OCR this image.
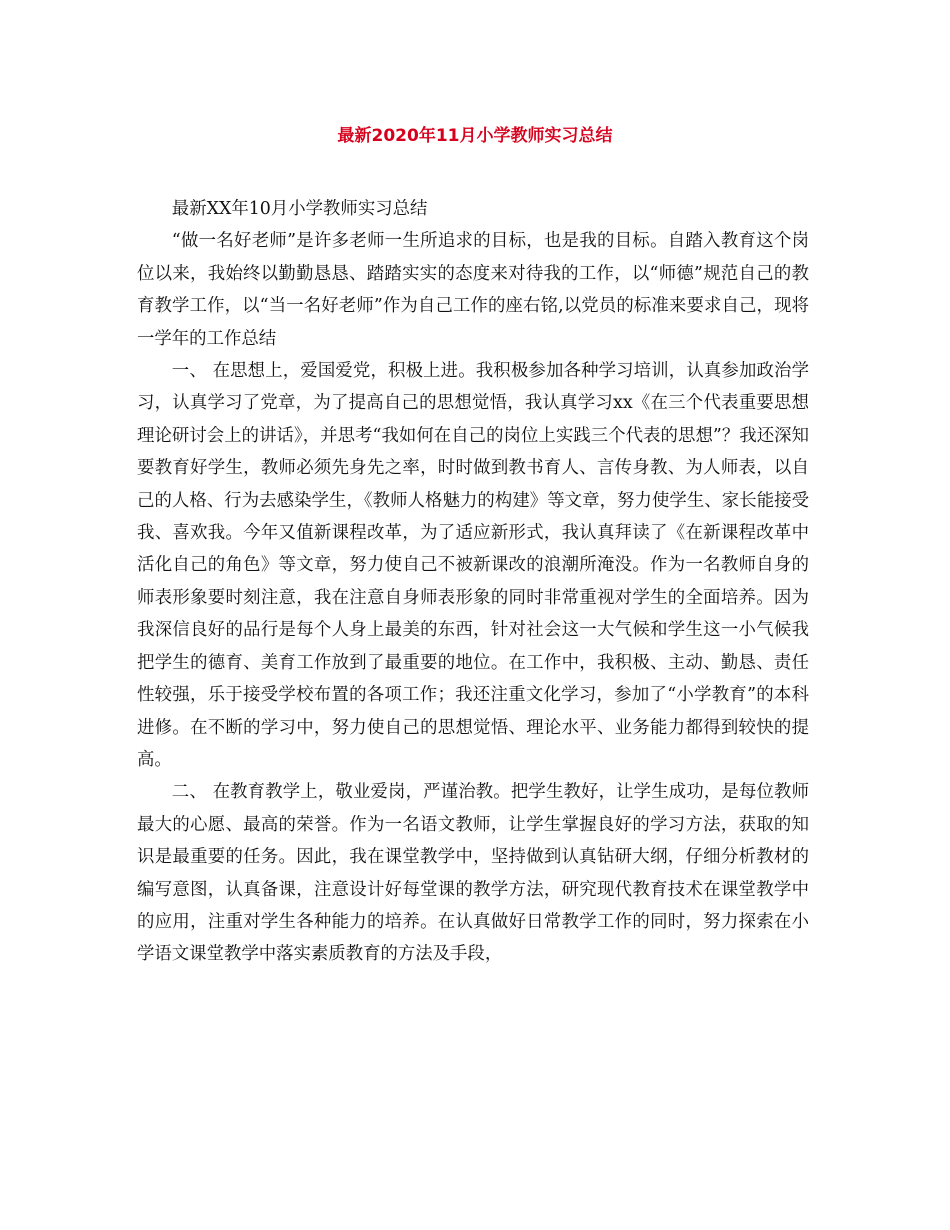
最新2020年11月小学教师实习总结

最新XX年10月小学教师实习总结

“做一名好老师”是许多老师一生所追求的目标，也是我的目标。自踏入教育这个岗位以来，我始终以勤勤恳恳、踏踏实实的态度来对待我的工作，以“师德”规范自己的教育教学工作，以“当一名好老师”作为自己工作的座右铭,以党员的标准来要求自己，现将一学年的工作总结

一、 在思想上，爱国爱党，积极上进。我积极参加各种学习培训，认真参加政治学习，认真学习了党章，为了提高自己的思想觉悟，我认真学习xx《在三个代表重要思想理论研讨会上的讲话》，并思考“我如何在自己的岗位上实践三个代表的思想”？我还深知要教育好学生，教师必须先身先之率，时时做到教书育人、言传身教、为人师表，以自己的人格、行为去感染学生，《教师人格魅力的构建》等文章，努力使学生、家长能接受我、喜欢我。今年又值新课程改革，为了适应新形式，我认真拜读了《在新课程改革中活化自己的角色》等文章，努力使自己不被新课改的浪潮所淹没。作为一名教师自身的师表形象要时刻注意，我在注意自身师表形象的同时非常重视对学生的全面培养。因为我深信良好的品行是每个人身上最美的东西，针对社会这一大气候和学生这一小气候我把学生的德育、美育工作放到了最重要的地位。在工作中，我积极、主动、勤恳、责任性较强，乐于接受学校布置的各项工作；我还注重文化学习，参加了“小学教育”的本科进修。在不断的学习中，努力使自己的思想觉悟、理论水平、业务能力都得到较快的提高。

二、 在教育教学上，敬业爱岗，严谨治教。把学生教好，让学生成功，是每位教师最大的心愿、最高的荣誉。作为一名语文教师，让学生掌握良好的学习方法，获取的知识是最重要的任务。因此，我在课堂教学中，坚持做到认真钻研大纲，仔细分析教材的编写意图，认真备课，注意设计好每堂课的教学方法，研究现代教育技术在课堂教学中的应用，注重对学生各种能力的培养。在认真做好日常教学工作的同时，努力探索在小学语文课堂教学中落实素质教育的方法及手段，
